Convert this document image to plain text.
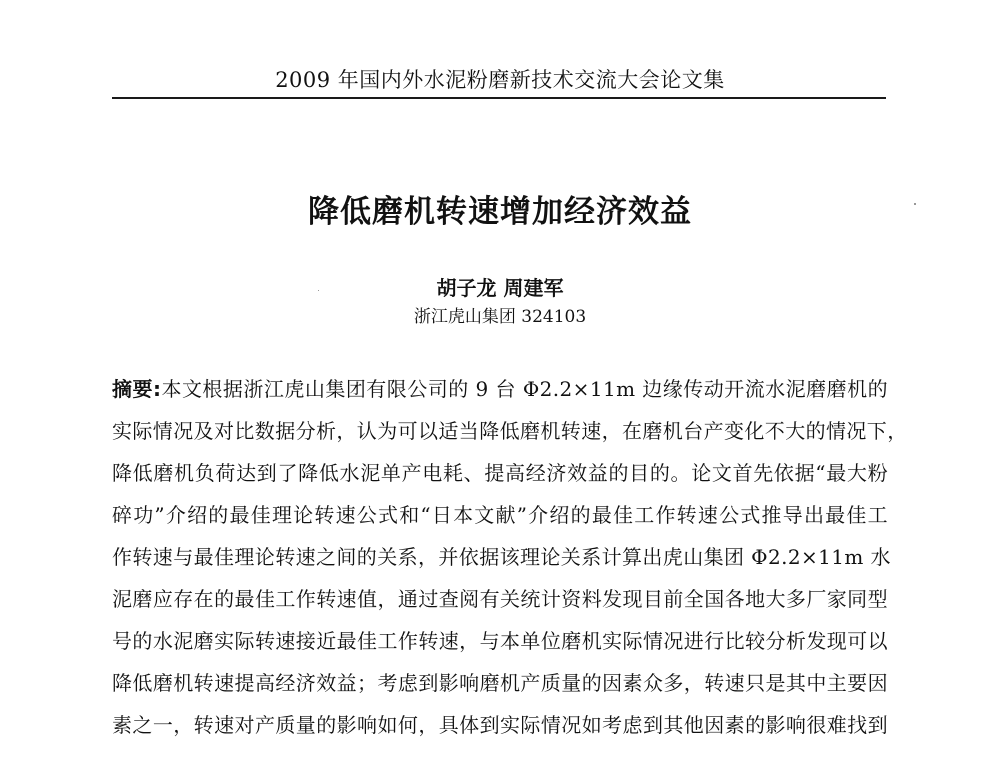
2009 年国内外水泥粉磨新技术交流大会论文集
降低磨机转速增加经济效益
胡子龙 周建军
浙江虎山集团 324103
摘要:本文根据浙江虎山集团有限公司的 9 台 Φ2.2×11m 边缘传动开流水泥磨磨机的
实际情况及对比数据分析，认为可以适当降低磨机转速，在磨机台产变化不大的情况下，
降低磨机负荷达到了降低水泥单产电耗、提高经济效益的目的。论文首先依据“最大粉
碎功”介绍的最佳理论转速公式和“日本文献”介绍的最佳工作转速公式推导出最佳工
作转速与最佳理论转速之间的关系，并依据该理论关系计算出虎山集团 Φ2.2×11m 水
泥磨应存在的最佳工作转速值，通过查阅有关统计资料发现目前全国各地大多厂家同型
号的水泥磨实际转速接近最佳工作转速，与本单位磨机实际情况进行比较分析发现可以
降低磨机转速提高经济效益；考虑到影响磨机产质量的因素众多，转速只是其中主要因
素之一，转速对产质量的影响如何，具体到实际情况如考虑到其他因素的影响很难找到
